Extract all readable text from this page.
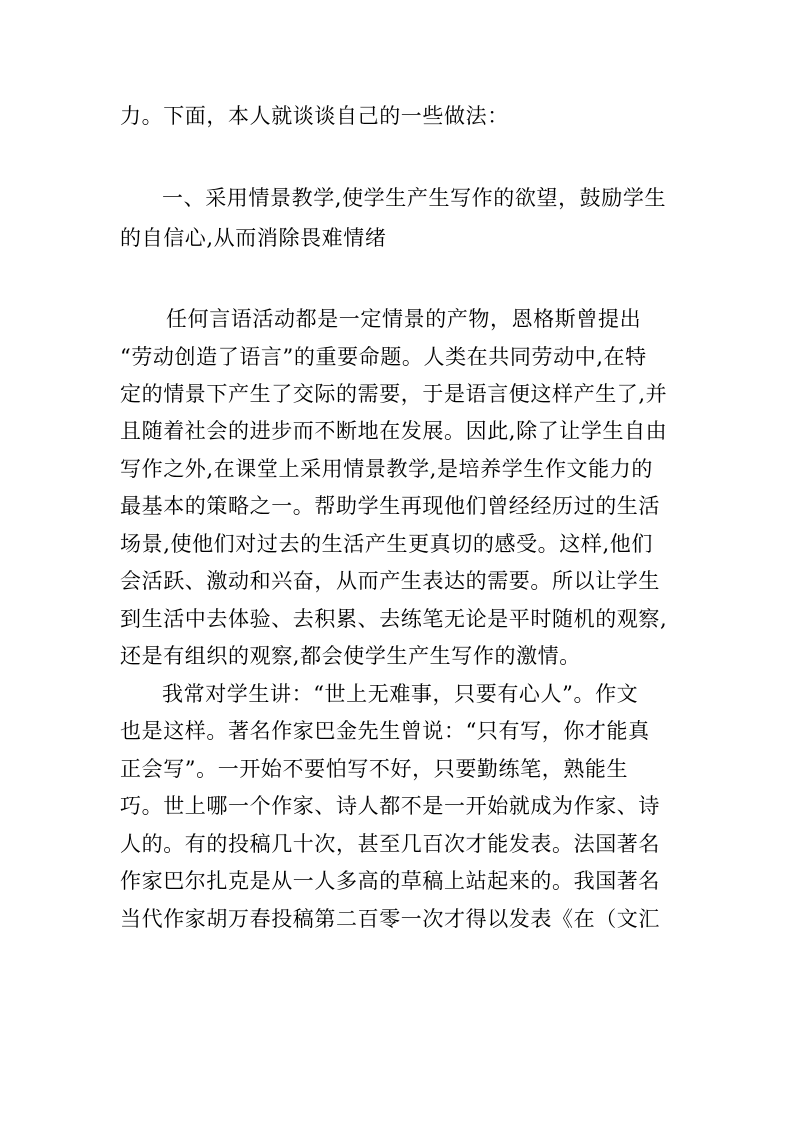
力。下面，本人就谈谈自己的一些做法：
一、采用情景教学,使学生产生写作的欲望，鼓励学生
的自信心,从而消除畏难情绪
任何言语活动都是一定情景的产物，恩格斯曾提出
“劳动创造了语言”的重要命题。人类在共同劳动中,在特
定的情景下产生了交际的需要，于是语言便这样产生了,并
且随着社会的进步而不断地在发展。因此,除了让学生自由
写作之外,在课堂上采用情景教学,是培养学生作文能力的
最基本的策略之一。帮助学生再现他们曾经经历过的生活
场景,使他们对过去的生活产生更真切的感受。这样,他们
会活跃、激动和兴奋，从而产生表达的需要。所以让学生
到生活中去体验、去积累、去练笔无论是平时随机的观察,
还是有组织的观察,都会使学生产生写作的激情。
我常对学生讲：“世上无难事，只要有心人”。作文
也是这样。著名作家巴金先生曾说：“只有写，你才能真
正会写”。一开始不要怕写不好，只要勤练笔，熟能生
巧。世上哪一个作家、诗人都不是一开始就成为作家、诗
人的。有的投稿几十次，甚至几百次才能发表。法国著名
作家巴尔扎克是从一人多高的草稿上站起来的。我国著名
当代作家胡万春投稿第二百零一次才得以发表《在（文汇
